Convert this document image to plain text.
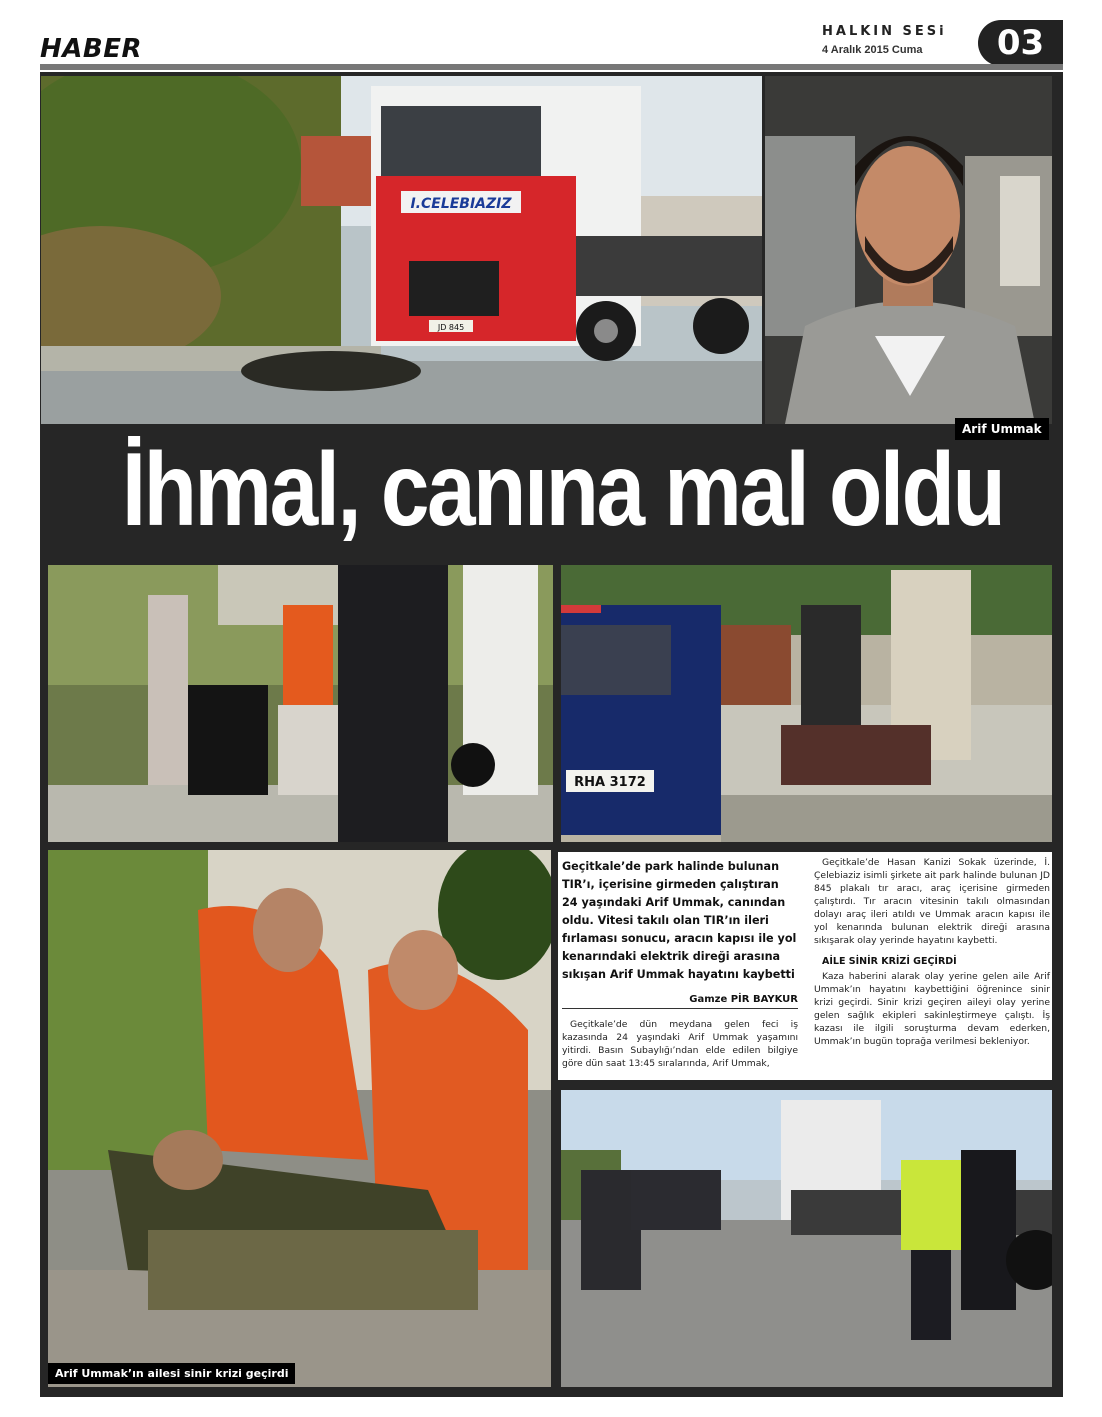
HABER
HALKIN SESi
4 Aralık 2015 Cuma	03
I.CELEBIAZIZ
JD 845
Arif Ummak
İhmal, canına mal oldu
RHA 3172
Arif Ummak’ın ailesi sinir krizi geçirdi
Geçitkale’de park halinde bulunan TIR’ı, içerisine girmeden çalıştıran 24 yaşındaki Arif Ummak, canından oldu. Vitesi takılı olan TIR’ın ileri fırlaması sonucu, aracın kapısı ile yol kenarındaki elektrik direği arasına sıkışan Arif Ummak hayatını kaybetti
Gamze PİR BAYKUR

Geçitkale’de dün meydana gelen feci iş kazasında 24 yaşındaki Arif Ummak yaşamını yitirdi. Basın Subaylığı’ndan elde edilen bilgiye göre dün saat 13:45 sıralarında, Arif Ummak,

Geçitkale’de Hasan Kanizi Sokak üzerinde, İ. Çelebiaziz isimli şirkete ait park halinde bulunan JD 845 plakalı tır aracı, araç içerisine girmeden çalıştırdı. Tır aracın vitesinin takılı olmasından dolayı araç ileri atıldı ve Ummak aracın kapısı ile yol kenarında bulunan elektrik direği arasına sıkışarak olay yerinde hayatını kaybetti.

AİLE SİNİR KRİZİ GEÇİRDİ

Kaza haberini alarak olay yerine gelen aile Arif Ummak’ın hayatını kaybettiğini öğrenince sinir krizi geçirdi. Sinir krizi geçiren aileyi olay yerine gelen sağlık ekipleri sakinleştirmeye çalıştı. İş kazası ile ilgili soruşturma devam ederken, Ummak’ın bugün toprağa verilmesi bekleniyor.
